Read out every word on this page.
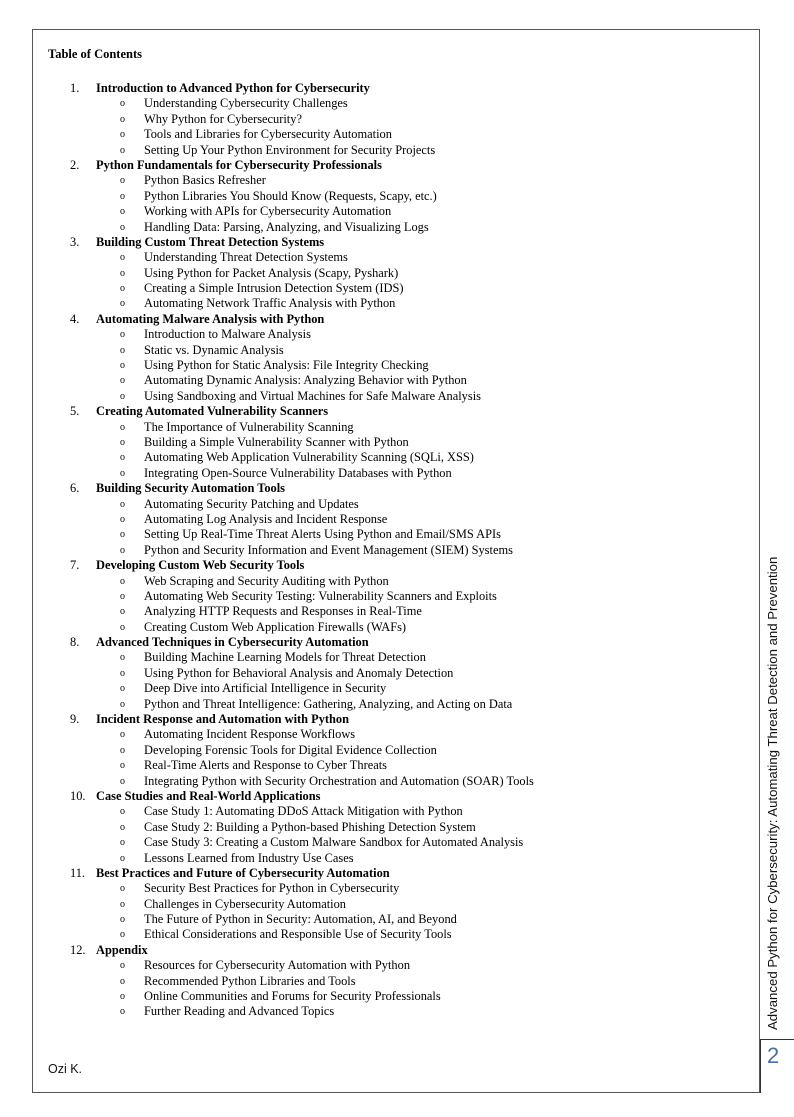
Table of Contents
1.	Introduction to Advanced Python for Cybersecurity
o Understanding Cybersecurity Challenges
o Why Python for Cybersecurity?
o Tools and Libraries for Cybersecurity Automation
o Setting Up Your Python Environment for Security Projects
2.	Python Fundamentals for Cybersecurity Professionals
o Python Basics Refresher
o Python Libraries You Should Know (Requests, Scapy, etc.)
o Working with APIs for Cybersecurity Automation
o Handling Data: Parsing, Analyzing, and Visualizing Logs
3.	Building Custom Threat Detection Systems
o Understanding Threat Detection Systems
o Using Python for Packet Analysis (Scapy, Pyshark)
o Creating a Simple Intrusion Detection System (IDS)
o Automating Network Traffic Analysis with Python
4.	Automating Malware Analysis with Python
o Introduction to Malware Analysis
o Static vs. Dynamic Analysis
o Using Python for Static Analysis: File Integrity Checking
o Automating Dynamic Analysis: Analyzing Behavior with Python
o Using Sandboxing and Virtual Machines for Safe Malware Analysis
5.	Creating Automated Vulnerability Scanners
o The Importance of Vulnerability Scanning
o Building a Simple Vulnerability Scanner with Python
o Automating Web Application Vulnerability Scanning (SQLi, XSS)
o Integrating Open-Source Vulnerability Databases with Python
6.	Building Security Automation Tools
o Automating Security Patching and Updates
o Automating Log Analysis and Incident Response
o Setting Up Real-Time Threat Alerts Using Python and Email/SMS APIs
o Python and Security Information and Event Management (SIEM) Systems
7.	Developing Custom Web Security Tools
o Web Scraping and Security Auditing with Python
o Automating Web Security Testing: Vulnerability Scanners and Exploits
o Analyzing HTTP Requests and Responses in Real-Time
o Creating Custom Web Application Firewalls (WAFs)
8.	Advanced Techniques in Cybersecurity Automation
o Building Machine Learning Models for Threat Detection
o Using Python for Behavioral Analysis and Anomaly Detection
o Deep Dive into Artificial Intelligence in Security
o Python and Threat Intelligence: Gathering, Analyzing, and Acting on Data
9.	Incident Response and Automation with Python
o Automating Incident Response Workflows
o Developing Forensic Tools for Digital Evidence Collection
o Real-Time Alerts and Response to Cyber Threats
o Integrating Python with Security Orchestration and Automation (SOAR) Tools
10. Case Studies and Real-World Applications
o Case Study 1: Automating DDoS Attack Mitigation with Python
o Case Study 2: Building a Python-based Phishing Detection System
o Case Study 3: Creating a Custom Malware Sandbox for Automated Analysis
o Lessons Learned from Industry Use Cases
11. Best Practices and Future of Cybersecurity Automation
o Security Best Practices for Python in Cybersecurity
o Challenges in Cybersecurity Automation
o The Future of Python in Security: Automation, AI, and Beyond
o Ethical Considerations and Responsible Use of Security Tools
12. Appendix
o Resources for Cybersecurity Automation with Python
o Recommended Python Libraries and Tools
o Online Communities and Forums for Security Professionals
o Further Reading and Advanced Topics
Ozi K.
Advanced Python for Cybersecurity: Automating Threat Detection and Prevention
2
